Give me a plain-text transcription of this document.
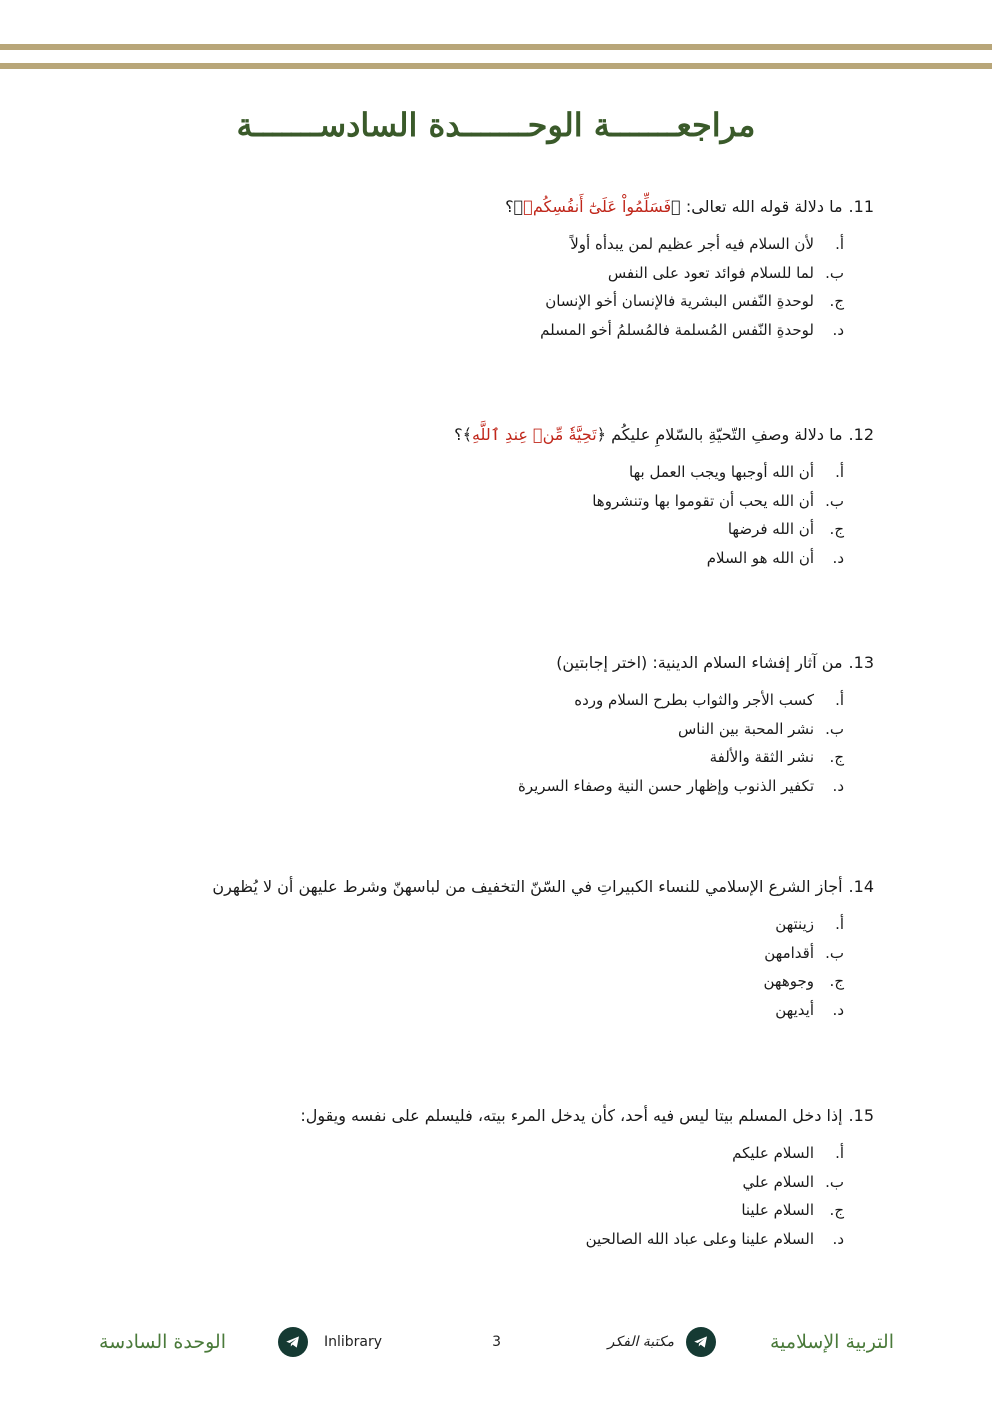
مراجعـــــــة الوحـــــــدة السادســـــــة
11.ما دلالة قوله الله تعالى: ﴿فَسَلِّمُواْ عَلَىٰٓ أَنفُسِكُمۡ﴾؟
أ.لأن السلام فيه أجر عظيم لمن يبدأه أولاً
ب.لما للسلام فوائد تعود على النفس
ج.لوحدةِ النّفس البشرية فالإنسان أخو الإنسان
د.لوحدةِ النّفس المُسلمة فالمُسلمُ أخو المسلم
12.ما دلالة وصفِ التّحيّةِ بالسّلامِ عليكُم ﴿تَحِيَّةٗ مِّنۡ عِندِ ٱللَّهِ﴾؟
أ.أن الله أوجبها ويجب العمل بها
ب.أن الله يحب أن تقوموا بها وتنشروها
ج.أن الله فرضها
د.أن الله هو السلام
13.من آثار إفشاء السلام الدينية: (اختر إجابتين)
أ.كسب الأجر والثواب بطرح السلام ورده
ب.نشر المحبة بين الناس
ج.نشر الثقة والألفة
د.تكفير الذنوب وإظهار حسن النية وصفاء السريرة
14.أجاز الشرع الإسلامي للنساء الكبيراتِ في السّنّ التخفيف من لباسهنّ وشرط عليهن أن لا يُظهرن
أ.زينتهن
ب.أقدامهن
ج.وجوههن
د.أيديهن
15.إذا دخل المسلم بيتا ليس فيه أحد، كأن يدخل المرء بيته، فليسلم على نفسه ويقول:
أ.السلام عليكم
ب.السلام علي
ج.السلام علينا
د.السلام علينا وعلى عباد الله الصالحين
التربية الإسلامية
مكتبة الفكر
3
Inlibrary
الوحدة السادسة
